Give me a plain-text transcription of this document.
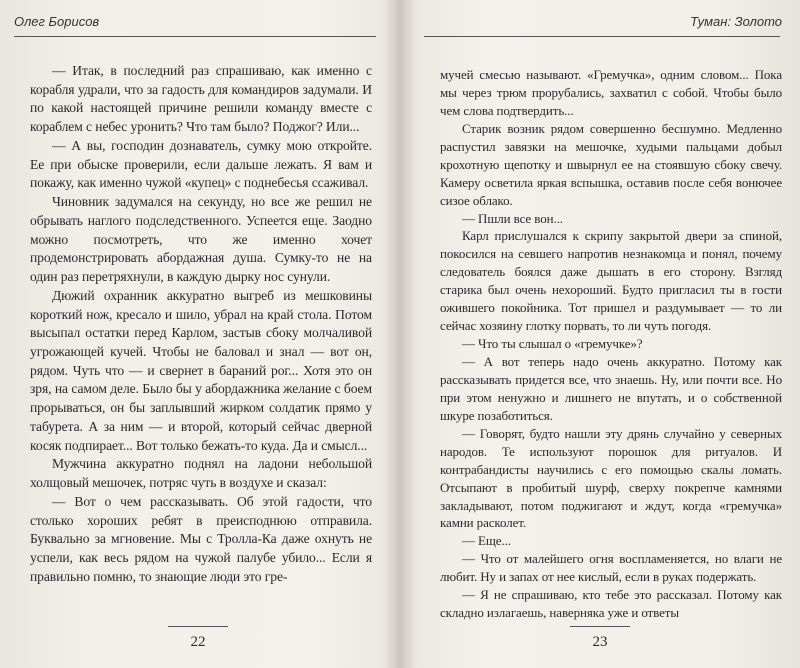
Олег Борисов

— Итак, в последний раз спрашиваю, как именно с корабля удрали, что за гадость для командиров задумали. И по какой настоящей причине решили команду вместе с кораблем с небес уронить? Что там было? Поджог? Или...

— А вы, господин дознаватель, сумку мою откройте. Ее при обыске проверили, если дальше лежать. Я вам и покажу, как именно чужой «купец» с поднебесья ссаживал.

Чиновник задумался на секунду, но все же решил не обрывать наглого подследственного. Успеется еще. Заодно можно посмотреть, что же именно хочет продемонстрировать абордажная душа. Сумку-то не на один раз перетряхнули, в каждую дырку нос сунули.

Дюжий охранник аккуратно выгреб из мешковины короткий нож, кресало и шило, убрал на край стола. Потом высыпал остатки перед Карлом, застыв сбоку молчаливой угрожающей кучей. Чтобы не баловал и знал — вот он, рядом. Чуть что — и свернет в бараний рог... Хотя это он зря, на самом деле. Было бы у абордажника желание с боем прорываться, он бы заплывший жирком солдатик прямо у табурета. А за ним — и второй, который сейчас дверной косяк подпирает... Вот только бежать-то куда. Да и смысл...

Мужчина аккуратно поднял на ладони небольшой холщовый мешочек, потряс чуть в воздухе и сказал:

— Вот о чем рассказывать. Об этой гадости, что столько хороших ребят в преисподнюю отправила. Буквально за мгновение. Мы с Тролла-Ка даже охнуть не успели, как весь рядом на чужой палубе убило... Если я правильно помню, то знающие люди это гре-

22
Туман: Золото

мучей смесью называют. «Гремучка», одним словом... Пока мы через трюм прорубались, захватил с собой. Чтобы было чем слова подтвердить...

Старик возник рядом совершенно бесшумно. Медленно распустил завязки на мешочке, худыми пальцами добыл крохотную щепотку и швырнул ее на стоявшую сбоку свечу. Камеру осветила яркая вспышка, оставив после себя вонючее сизое облако.

— Пшли все вон...

Карл прислушался к скрипу закрытой двери за спиной, покосился на севшего напротив незнакомца и понял, почему следователь боялся даже дышать в его сторону. Взгляд старика был очень нехороший. Будто пригласил ты в гости ожившего покойника. Тот пришел и раздумывает — то ли сейчас хозяину глотку порвать, то ли чуть погодя.

— Что ты слышал о «гремучке»?

— А вот теперь надо очень аккуратно. Потому как рассказывать придется все, что знаешь. Ну, или почти все. Но при этом ненужно и лишнего не впутать, и о собственной шкуре позаботиться.

— Говорят, будто нашли эту дрянь случайно у северных народов. Те используют порошок для ритуалов. И контрабандисты научились с его помощью скалы ломать. Отсыпают в пробитый шурф, сверху покрепче камнями закладывают, потом поджигают и ждут, когда «гремучка» камни расколет.

— Еще...

— Что от малейшего огня воспламеняется, но влаги не любит. Ну и запах от нее кислый, если в руках подержать.

— Я не спрашиваю, кто тебе это рассказал. Потому как складно излагаешь, наверняка уже и ответы

23
